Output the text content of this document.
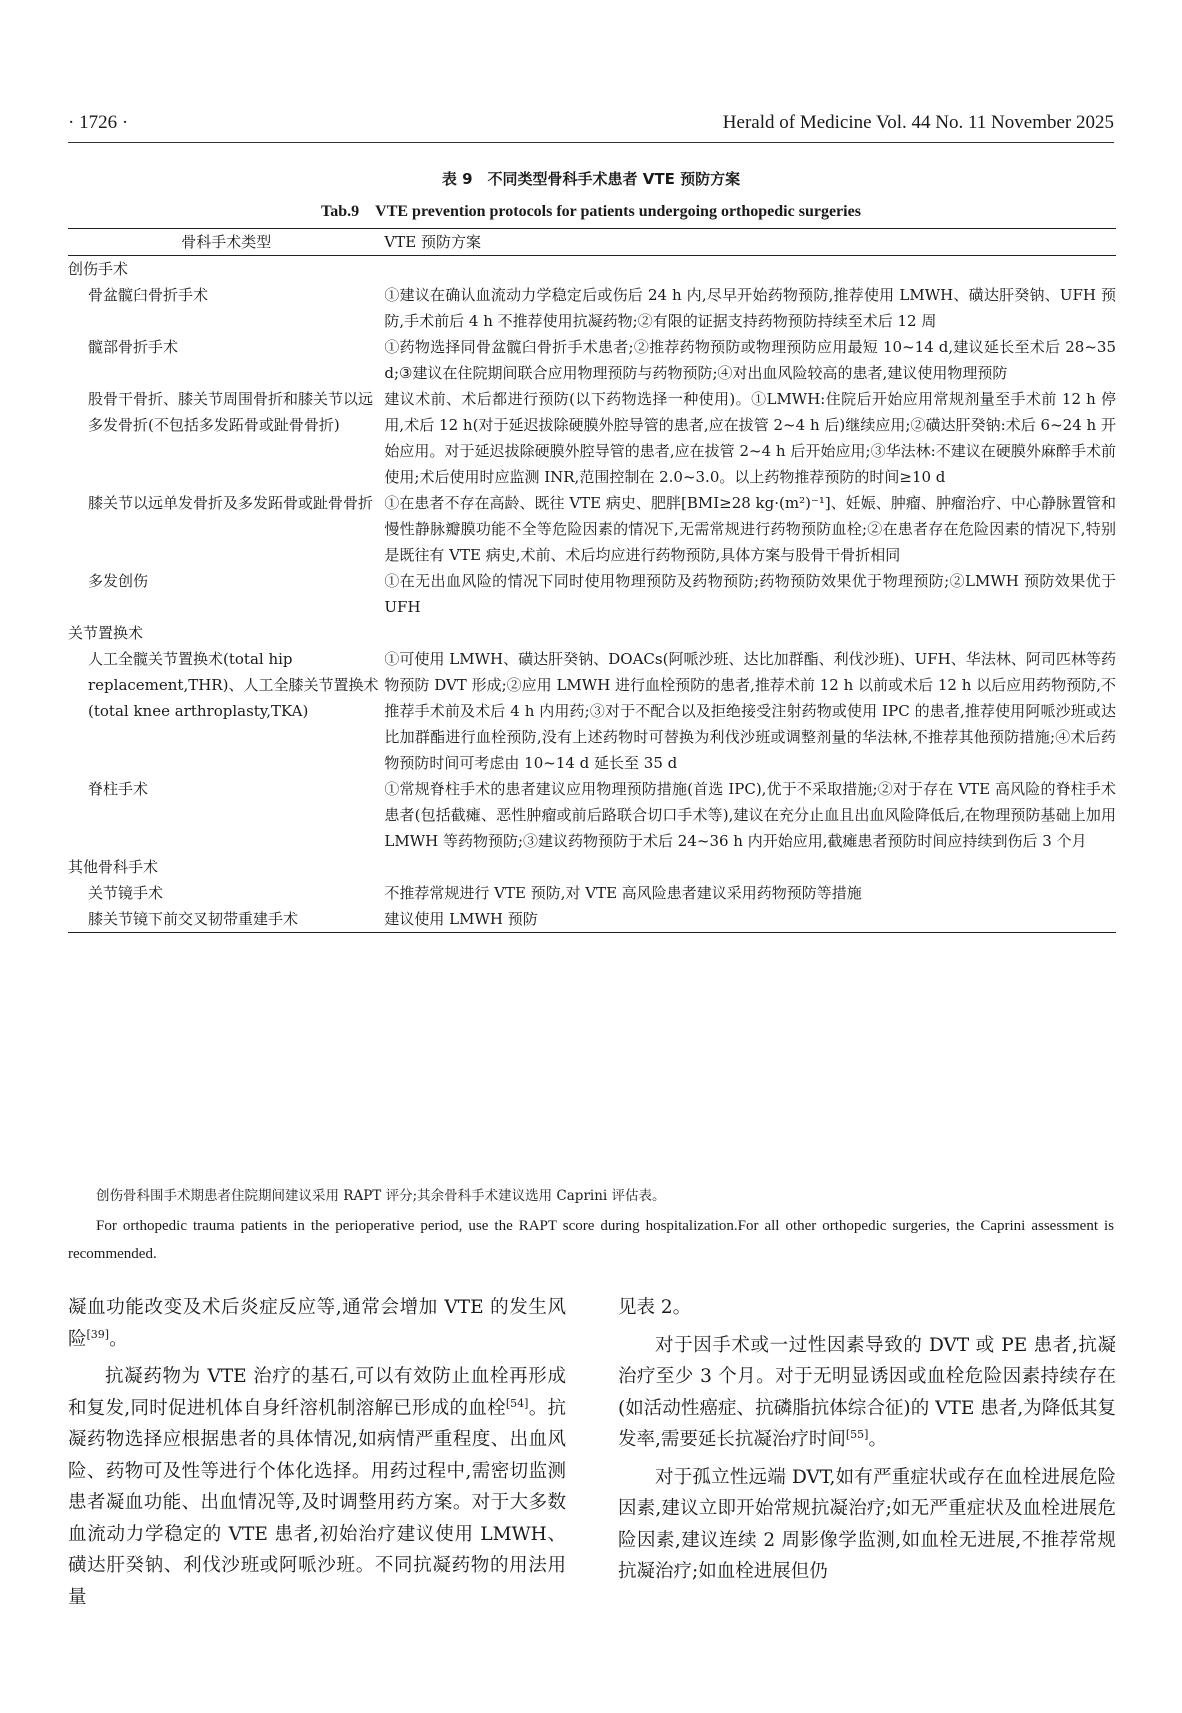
· 1726 ·	Herald of Medicine Vol. 44 No. 11 November 2025
表 9　不同类型骨科手术患者 VTE 预防方案
Tab.9　VTE prevention protocols for patients undergoing orthopedic surgeries
骨科手术类型	VTE 预防方案
创伤手术	
骨盆髋臼骨折手术	①建议在确认血流动力学稳定后或伤后 24 h 内,尽早开始药物预防,推荐使用 LMWH、磺达肝癸钠、UFH 预防,手术前后 4 h 不推荐使用抗凝药物;②有限的证据支持药物预防持续至术后 12 周
髋部骨折手术	①药物选择同骨盆髋臼骨折手术患者;②推荐药物预防或物理预防应用最短 10~14 d,建议延长至术后 28~35 d;③建议在住院期间联合应用物理预防与药物预防;④对出血风险较高的患者,建议使用物理预防
股骨干骨折、膝关节周围骨折和膝关节以远多发骨折(不包括多发跖骨或趾骨骨折)	建议术前、术后都进行预防(以下药物选择一种使用)。①LMWH:住院后开始应用常规剂量至手术前 12 h 停用,术后 12 h(对于延迟拔除硬膜外腔导管的患者,应在拔管 2~4 h 后)继续应用;②磺达肝癸钠:术后 6~24 h 开始应用。对于延迟拔除硬膜外腔导管的患者,应在拔管 2~4 h 后开始应用;③华法林:不建议在硬膜外麻醉手术前使用;术后使用时应监测 INR,范围控制在 2.0~3.0。以上药物推荐预防的时间≥10 d
膝关节以远单发骨折及多发跖骨或趾骨骨折	①在患者不存在高龄、既往 VTE 病史、肥胖[BMI≥28 kg·(m²)⁻¹]、妊娠、肿瘤、肿瘤治疗、中心静脉置管和慢性静脉瓣膜功能不全等危险因素的情况下,无需常规进行药物预防血栓;②在患者存在危险因素的情况下,特别是既往有 VTE 病史,术前、术后均应进行药物预防,具体方案与股骨干骨折相同
多发创伤	①在无出血风险的情况下同时使用物理预防及药物预防;药物预防效果优于物理预防;②LMWH 预防效果优于 UFH
关节置换术	
人工全髋关节置换术(total hip replacement,THR)、人工全膝关节置换术(total knee arthroplasty,TKA)	①可使用 LMWH、磺达肝癸钠、DOACs(阿哌沙班、达比加群酯、利伐沙班)、UFH、华法林、阿司匹林等药物预防 DVT 形成;②应用 LMWH 进行血栓预防的患者,推荐术前 12 h 以前或术后 12 h 以后应用药物预防,不推荐手术前及术后 4 h 内用药;③对于不配合以及拒绝接受注射药物或使用 IPC 的患者,推荐使用阿哌沙班或达比加群酯进行血栓预防,没有上述药物时可替换为利伐沙班或调整剂量的华法林,不推荐其他预防措施;④术后药物预防时间可考虑由 10~14 d 延长至 35 d
脊柱手术	①常规脊柱手术的患者建议应用物理预防措施(首选 IPC),优于不采取措施;②对于存在 VTE 高风险的脊柱手术患者(包括截瘫、恶性肿瘤或前后路联合切口手术等),建议在充分止血且出血风险降低后,在物理预防基础上加用 LMWH 等药物预防;③建议药物预防于术后 24~36 h 内开始应用,截瘫患者预防时间应持续到伤后 3 个月
其他骨科手术	
关节镜手术	不推荐常规进行 VTE 预防,对 VTE 高风险患者建议采用药物预防等措施
膝关节镜下前交叉韧带重建手术	建议使用 LMWH 预防
创伤骨科围手术期患者住院期间建议采用 RAPT 评分;其余骨科手术建议选用 Caprini 评估表。
For orthopedic trauma patients in the perioperative period, use the RAPT score during hospitalization.For all other orthopedic surgeries, the Caprini assessment is recommended.

凝血功能改变及术后炎症反应等,通常会增加 VTE 的发生风险[39]。

抗凝药物为 VTE 治疗的基石,可以有效防止血栓再形成和复发,同时促进机体自身纤溶机制溶解已形成的血栓[54]。抗凝药物选择应根据患者的具体情况,如病情严重程度、出血风险、药物可及性等进行个体化选择。用药过程中,需密切监测患者凝血功能、出血情况等,及时调整用药方案。对于大多数血流动力学稳定的 VTE 患者,初始治疗建议使用 LMWH、磺达肝癸钠、利伐沙班或阿哌沙班。不同抗凝药物的用法用量

见表 2。

对于因手术或一过性因素导致的 DVT 或 PE 患者,抗凝治疗至少 3 个月。对于无明显诱因或血栓危险因素持续存在(如活动性癌症、抗磷脂抗体综合征)的 VTE 患者,为降低其复发率,需要延长抗凝治疗时间[55]。

对于孤立性远端 DVT,如有严重症状或存在血栓进展危险因素,建议立即开始常规抗凝治疗;如无严重症状及血栓进展危险因素,建议连续 2 周影像学监测,如血栓无进展,不推荐常规抗凝治疗;如血栓进展但仍
